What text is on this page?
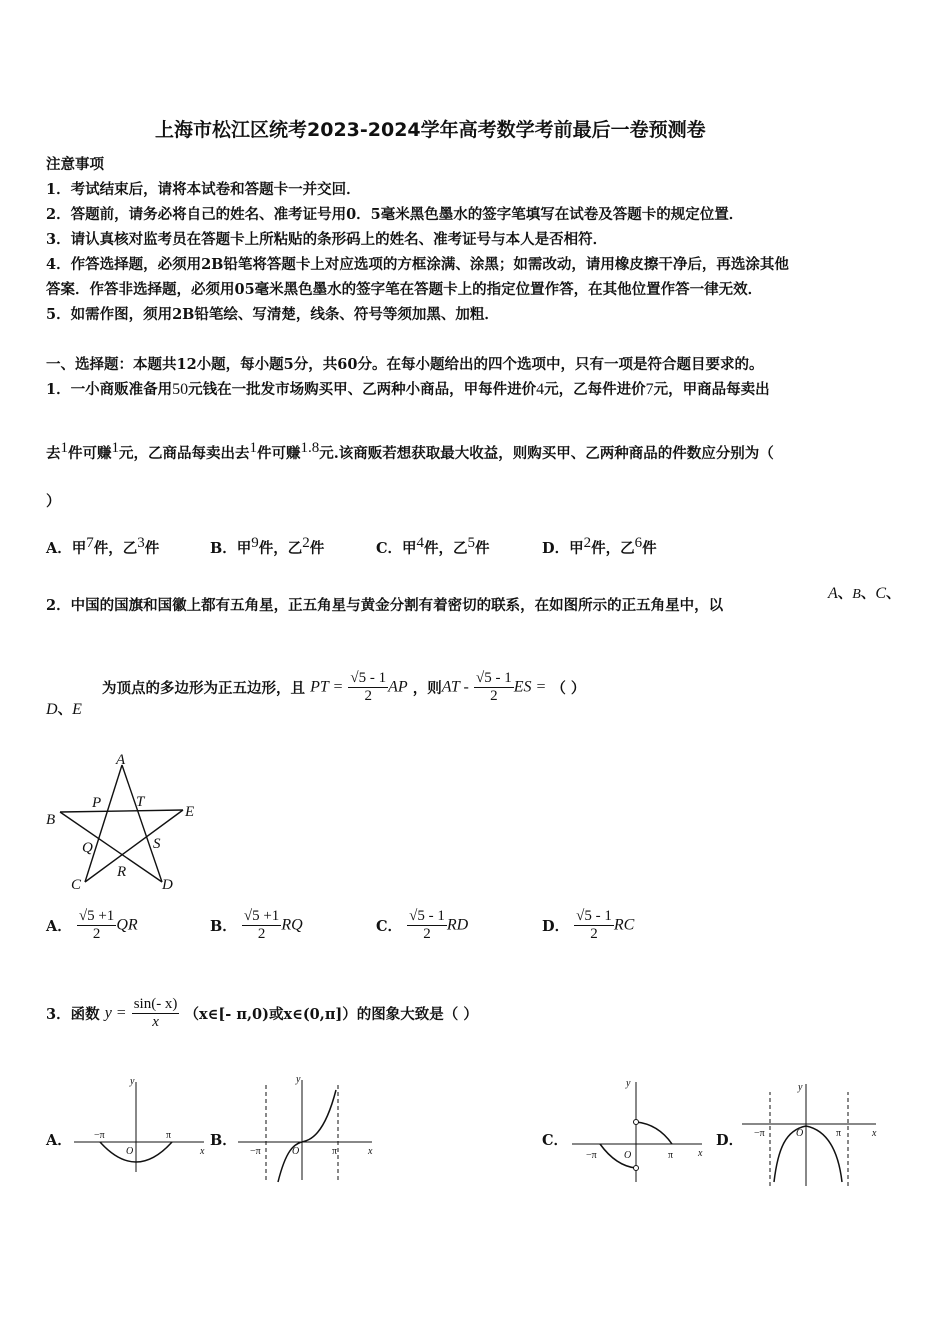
上海市松江区统考2023-2024学年高考数学考前最后一卷预测卷
注意事项
1．考试结束后，请将本试卷和答题卡一并交回．
2．答题前，请务必将自己的姓名、准考证号用0．5毫米黑色墨水的签字笔填写在试卷及答题卡的规定位置．
3．请认真核对监考员在答题卡上所粘贴的条形码上的姓名、准考证号与本人是否相符．
4．作答选择题，必须用2B铅笔将答题卡上对应选项的方框涂满、涂黑；如需改动，请用橡皮擦干净后，再选涂其他
答案．作答非选择题，必须用05毫米黑色墨水的签字笔在答题卡上的指定位置作答，在其他位置作答一律无效．
5．如需作图，须用2B铅笔绘、写清楚，线条、符号等须加黑、加粗．
一、选择题：本题共12小题，每小题5分，共60分。在每小题给出的四个选项中，只有一项是符合题目要求的。
1．一小商贩准备用50元钱在一批发市场购买甲、乙两种小商品，甲每件进价4元，乙每件进价7元，甲商品每卖出
去$^1$件可赚$^1$元，乙商品每卖出去$^1$件可赚$^{1.8}$元.该商贩若想获取最大收益，则购买甲、乙两种商品的件数应分别为（
）
A．甲$^7$件，乙$^3$件	B．甲$^9$件，乙$^2$件	C．甲$^4$件，乙$^5$件	D．甲$^2$件，乙$^6$件
2．中国的国旗和国徽上都有五角星，正五角星与黄金分割有着密切的联系，在如图所示的正五角星中，以
A、B、C、
D、E
为顶点的多边形为正五边形，且 PT = $\frac{√5 - 1}{2}$ AP ，则AT - $\frac{√5 - 1}{2}$ ES = （ ）
A
P T
B	E
Q	S
R
C	D
A． $\frac{√5 +1}{2}$ QR	B． $\frac{√5 +1}{2}$ RQ	C． $\frac{√5 - 1}{2}$ RD	D． $\frac{√5 - 1}{2}$ RC
3．函数 $y = \frac{\sin(- x)}{x}$ （x∈[- π,0)或x∈(0,π]）的图象大致是（ ）
A．	B．	C．	D．
y
x
O
−π	π
y
x
O
−π	π
y
x
O
−π	π
y
x
O
−π	π
